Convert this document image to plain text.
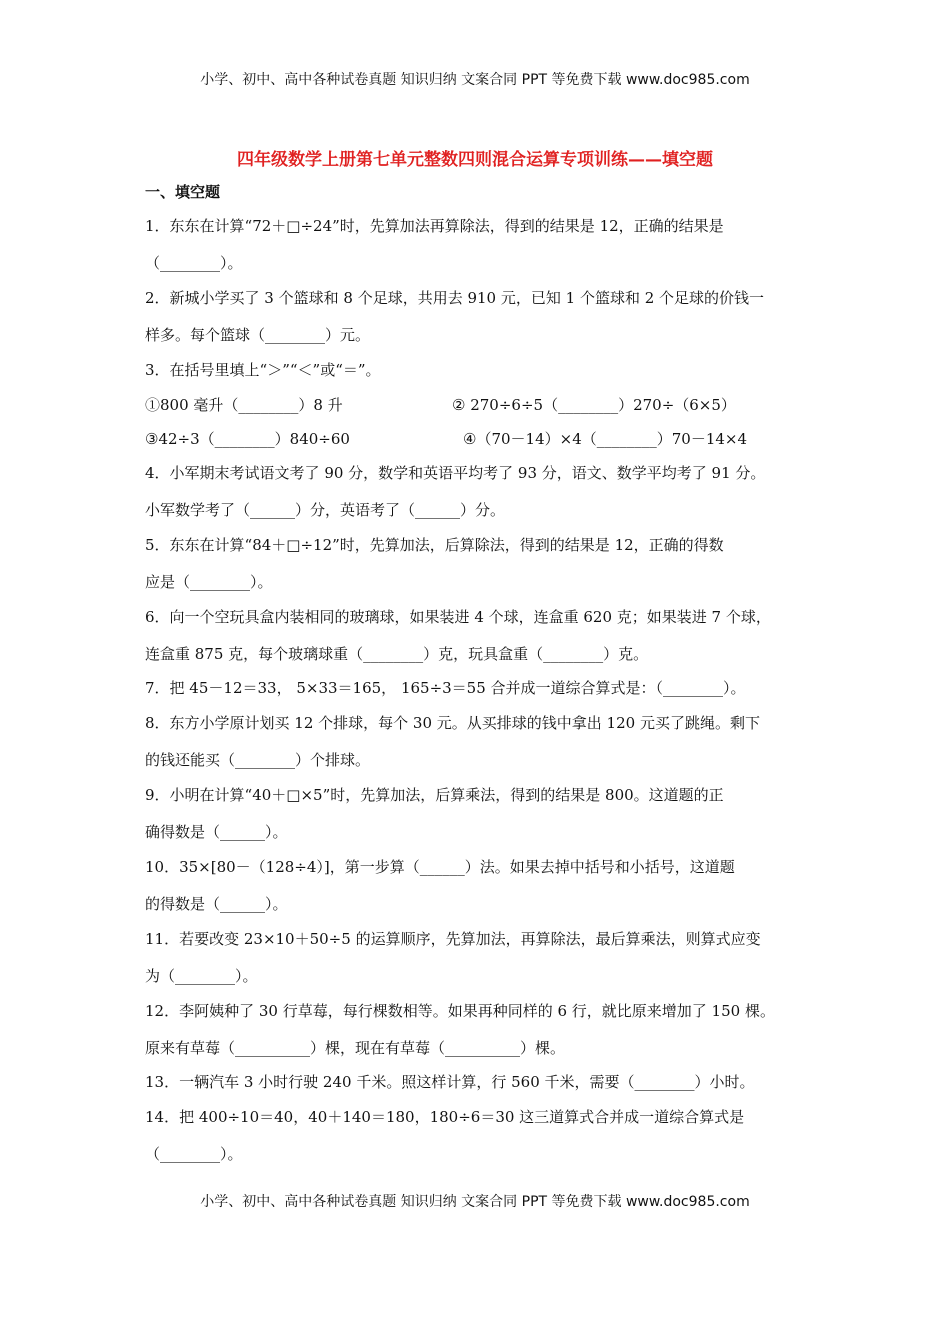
小学、初中、高中各种试卷真题 知识归纳 文案合同 PPT 等免费下载 www.doc985.com
四年级数学上册第七单元整数四则混合运算专项训练——填空题
一、填空题
1．东东在计算“72＋□÷24”时，先算加法再算除法，得到的结果是 12，正确的结果是
（________）。
2．新城小学买了 3 个篮球和 8 个足球，共用去 910 元，已知 1 个篮球和 2 个足球的价钱一
样多。每个篮球（________）元。
3．在括号里填上“＞”“＜”或“＝”。
①800 毫升（________）8 升	② 270÷6÷5（________）270÷（6×5）
③42÷3（________）840÷60	④（70－14）×4（________）70－14×4
4．小军期末考试语文考了 90 分，数学和英语平均考了 93 分，语文、数学平均考了 91 分。
小军数学考了（______）分，英语考了（______）分。
5．东东在计算“84＋□÷12”时，先算加法，后算除法，得到的结果是 12，正确的得数
应是（________）。
6．向一个空玩具盒内装相同的玻璃球，如果装进 4 个球，连盒重 620 克；如果装进 7 个球，
连盒重 875 克，每个玻璃球重（________）克，玩具盒重（________）克。
7．把 45－12＝33， 5×33＝165， 165÷3＝55 合并成一道综合算式是：（________）。
8．东方小学原计划买 12 个排球，每个 30 元。从买排球的钱中拿出 120 元买了跳绳。剩下
的钱还能买（________）个排球。
9．小明在计算“40＋□×5”时，先算加法，后算乘法，得到的结果是 800。这道题的正
确得数是（______）。
10．35×[80－（128÷4）]，第一步算（______）法。如果去掉中括号和小括号，这道题
的得数是（______）。
11．若要改变 23×10＋50÷5 的运算顺序，先算加法，再算除法，最后算乘法，则算式应变
为（________）。
12．李阿姨种了 30 行草莓，每行棵数相等。如果再种同样的 6 行，就比原来增加了 150 棵。
原来有草莓（__________）棵，现在有草莓（__________）棵。
13．一辆汽车 3 小时行驶 240 千米。照这样计算，行 560 千米，需要（________）小时。
14．把 400÷10＝40，40＋140＝180，180÷6＝30 这三道算式合并成一道综合算式是
（________）。
小学、初中、高中各种试卷真题 知识归纳 文案合同 PPT 等免费下载 www.doc985.com
